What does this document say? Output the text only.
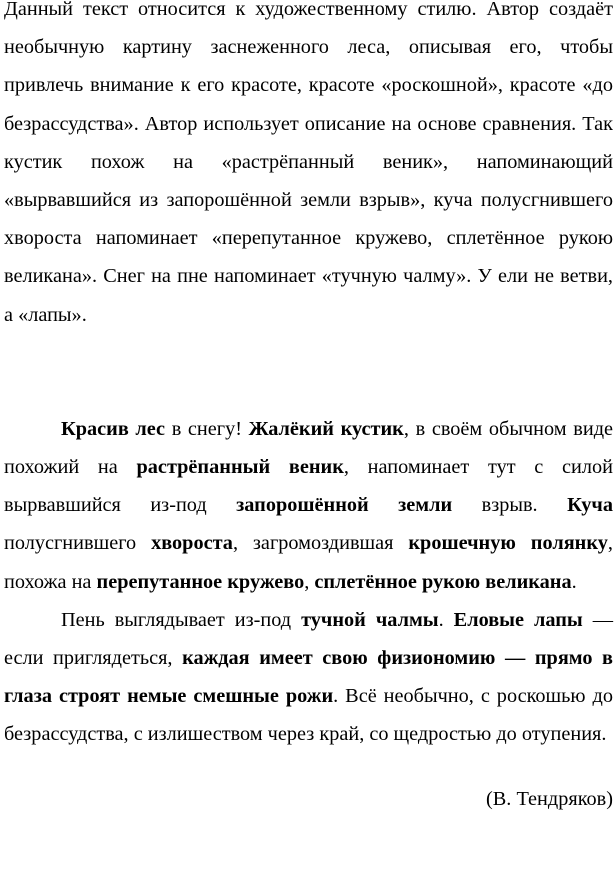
Данный текст относится к художественному стилю. Автор создаёт необычную картину заснеженного леса, описывая его, чтобы привлечь внимание к его красоте, красоте «роскошной», красоте «до безрассудства». Автор использует описание на основе сравнения. Так кустик похож на «растрёпанный веник», напоминающий «вырвавшийся из запорошённой земли взрыв», куча полусгнившего хвороста напоминает «перепутанное кружево, сплетённое рукою великана». Снег на пне напоминает «тучную чалму». У ели не ветви, а «лапы».

Красив лес в снегу! Жалёкий кустик, в своём обычном виде похожий на растрёпанный веник, напоминает тут с силой вырвавшийся из-под запорошённой земли взрыв. Куча полусгнившего хвороста, загромоздившая крошечную полянку, похожа на перепутанное кружево, сплетённое рукою великана.

Пень выглядывает из-под тучной чалмы. Еловые лапы — если приглядеться, каждая имеет свою физиономию — прямо в глаза строят немые смешные рожи. Всё необычно, с роскошью до безрассудства, с излишеством через край, со щедростью до отупения.

(В. Тендряков)
